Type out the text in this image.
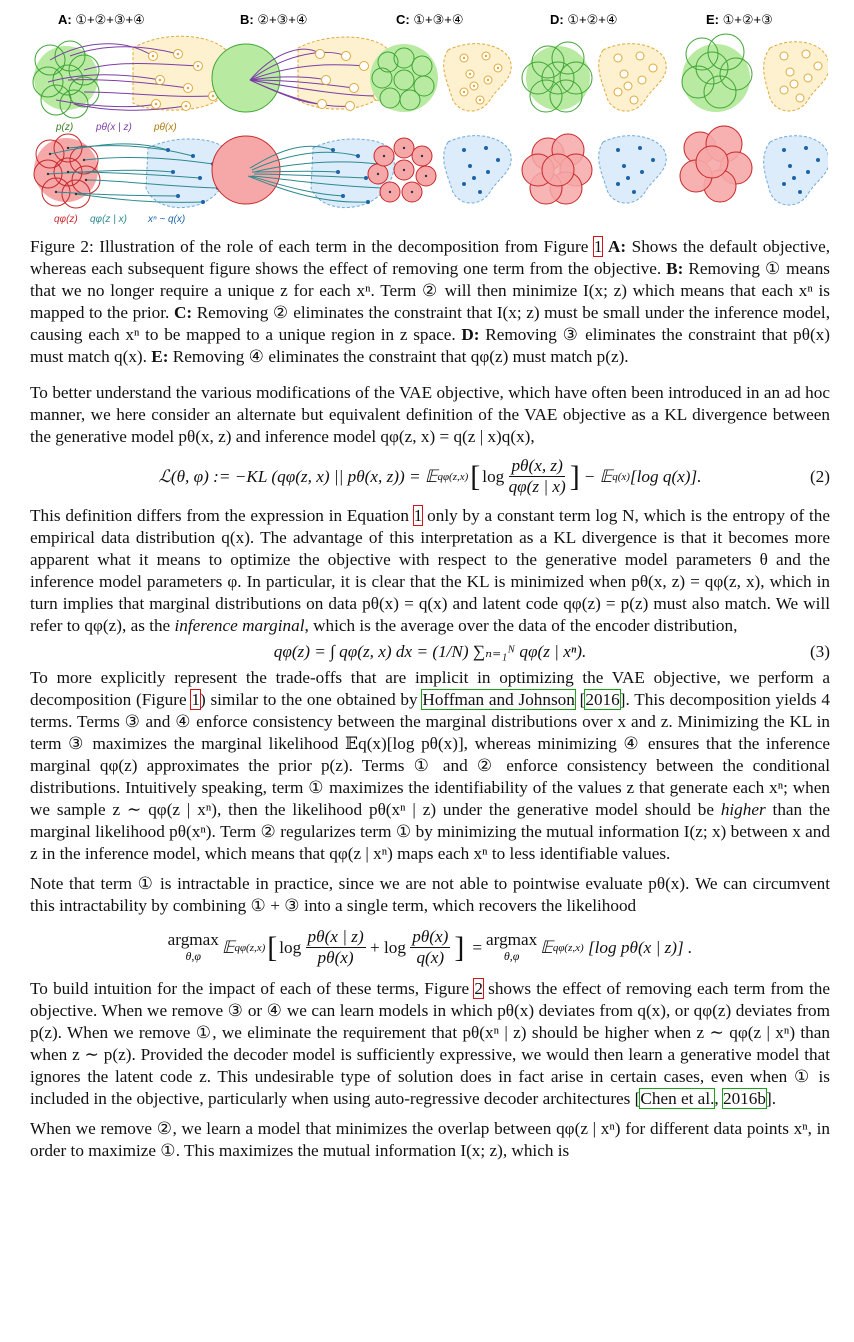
A: ①+②+③+④	B: ②+③+④	C: ①+③+④	D: ①+②+④	E: ①+②+③
p(z) pθ(x | z) pθ(x)
qφ(z) qφ(z | x) xⁿ ~ q(x)

Figure 2: Illustration of the role of each term in the decomposition from Figure 1 A: Shows the default objective, whereas each subsequent figure shows the effect of removing one term from the objective. B: Removing ① means that we no longer require a unique z for each xⁿ. Term ② will then minimize I(x; z) which means that each xⁿ is mapped to the prior. C: Removing ② eliminates the constraint that I(x; z) must be small under the inference model, causing each xⁿ to be mapped to a unique region in z space. D: Removing ③ eliminates the constraint that pθ(x) must match q(x). E: Removing ④ eliminates the constraint that qφ(z) must match p(z).

To better understand the various modifications of the VAE objective, which have often been introduced in an ad hoc manner, we here consider an alternate but equivalent definition of the VAE objective as a KL divergence between the generative model pθ(x, z) and inference model qφ(z, x) = q(z | x)q(x),

ℒ(θ, φ) := −KL (qφ(z, x) || pθ(x, z)) = 𝔼 qφ(z,x) [ log

pθ(x, z)
qφ(z | x) ] − 𝔼 q(x) [log q(x)].	(2)

This definition differs from the expression in Equation 1 only by a constant term log N, which is the entropy of the empirical data distribution q(x). The advantage of this interpretation as a KL divergence is that it becomes more apparent what it means to optimize the objective with respect to the generative model parameters θ and the inference model parameters φ. In particular, it is clear that the KL is minimized when pθ(x, z) = qφ(z, x), which in turn implies that marginal distributions on data pθ(x) = q(x) and latent code qφ(z) = p(z) must also match. We will refer to qφ(z), as the inference marginal, which is the average over the data of the encoder distribution,

qφ(z) = ∫ qφ(z, x) dx = (1/N) ∑ₙ₌₁ᴺ qφ(z | xⁿ).	(3)

To more explicitly represent the trade-offs that are implicit in optimizing the VAE objective, we perform a decomposition (Figure 1) similar to the one obtained by Hoffman and Johnson [2016]. This decomposition yields 4 terms. Terms ③ and ④ enforce consistency between the marginal distributions over x and z. Minimizing the KL in term ③ maximizes the marginal likelihood 𝔼q(x)[log pθ(x)], whereas minimizing ④ ensures that the inference marginal qφ(z) approximates the prior p(z). Terms ① and ② enforce consistency between the conditional distributions. Intuitively speaking, term ① maximizes the identifiability of the values z that generate each xⁿ; when we sample z ∼ qφ(z | xⁿ), then the likelihood pθ(xⁿ | z) under the generative model should be higher than the marginal likelihood pθ(xⁿ). Term ② regularizes term ① by minimizing the mutual information I(z; x) between x and z in the inference model, which means that qφ(z | xⁿ) maps each xⁿ to less identifiable values.

Note that term ① is intractable in practice, since we are not able to pointwise evaluate pθ(x). We can circumvent this intractability by combining ① + ③ into a single term, which recovers the likelihood

argmax
θ,φ 𝔼 qφ(z,x) [ log

pθ(x | z)
pθ(x)

+ log

pθ(x)
q(x) ] = argmax
θ,φ 𝔼 qφ(z,x)
[log pθ(x | z)] .

To build intuition for the impact of each of these terms, Figure 2 shows the effect of removing each term from the objective. When we remove ③ or ④ we can learn models in which pθ(x) deviates from q(x), or qφ(z) deviates from p(z). When we remove ①, we eliminate the requirement that pθ(xⁿ | z) should be higher when z ∼ qφ(z | xⁿ) than when z ∼ p(z). Provided the decoder model is sufficiently expressive, we would then learn a generative model that ignores the latent code z. This undesirable type of solution does in fact arise in certain cases, even when ① is included in the objective, particularly when using auto-regressive decoder architectures [Chen et al., 2016b].

When we remove ②, we learn a model that minimizes the overlap between qφ(z | xⁿ) for different data points xⁿ, in order to maximize ①. This maximizes the mutual information I(x; z), which is
